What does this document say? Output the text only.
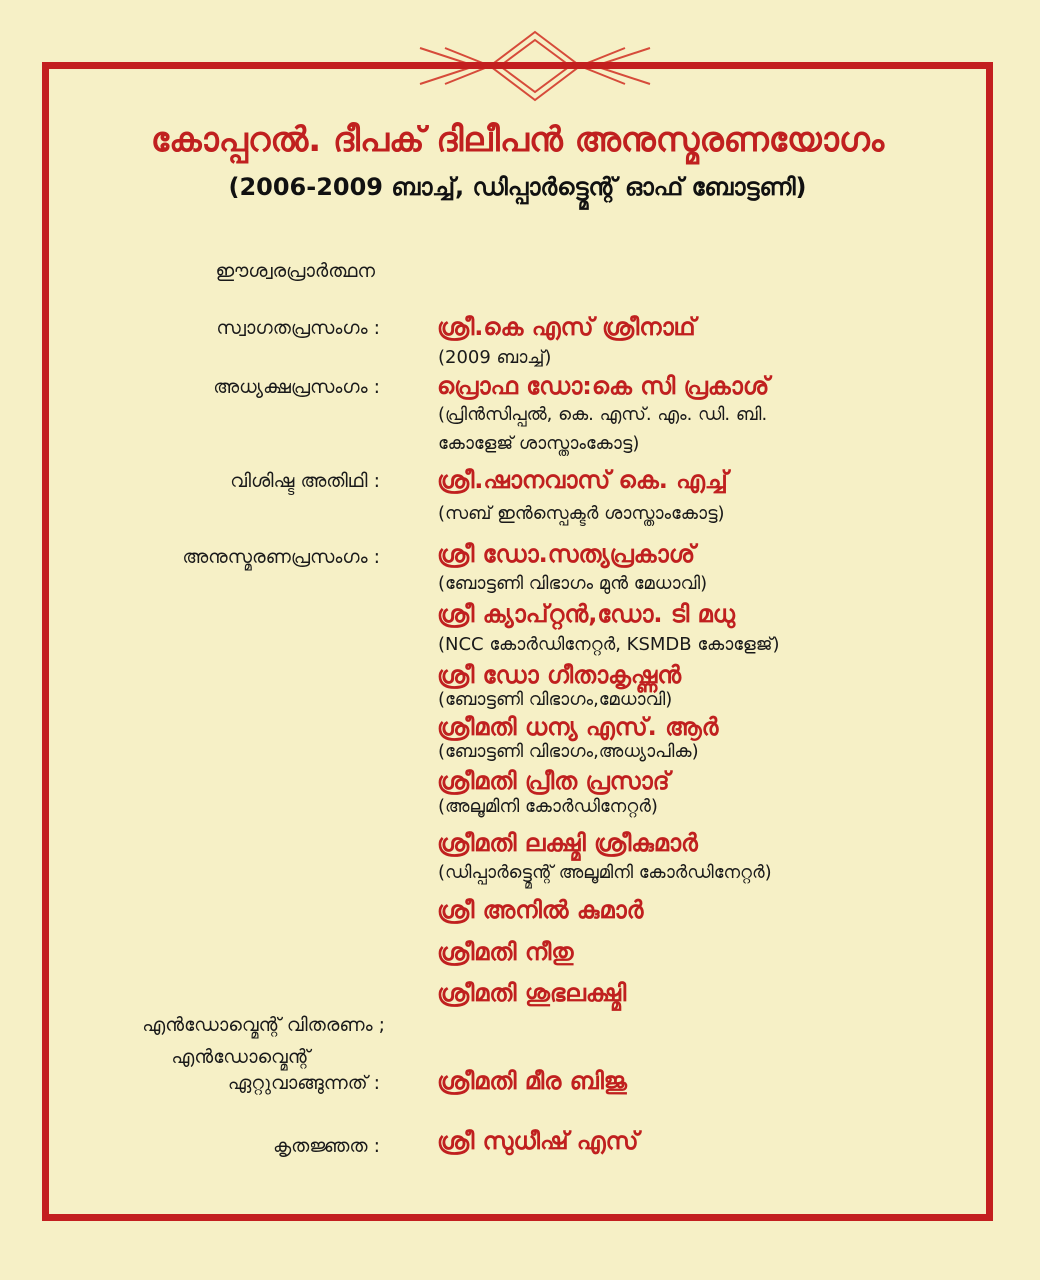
കോപ്പറൽ. ദീപക് ദിലീപൻ അനുസ്മരണയോഗം
(2006-2009 ബാച്ച്, ഡിപ്പാർട്ട്മെന്റ് ഓഫ് ബോട്ടണി)
ഈശ്വരപ്രാർത്ഥന
സ്വാഗതപ്രസംഗം : ശ്രീ.കെ എസ് ശ്രീനാഥ്
(2009 ബാച്ച്)
അധ്യക്ഷപ്രസംഗം : പ്രൊഫ ഡോ:കെ സി പ്രകാശ്
(പ്രിൻസിപ്പൽ, കെ. എസ്. എം. ഡി. ബി.
കോളേജ് ശാസ്താംകോട്ട)
വിശിഷ്ട അതിഥി : ശ്രീ.ഷാനവാസ് കെ. എച്ച്
(സബ് ഇൻസ്പെക്ടർ ശാസ്താംകോട്ട)
അനുസ്മരണപ്രസംഗം : ശ്രീ ഡോ.സത്യപ്രകാശ്
(ബോട്ടണി വിഭാഗം മുൻ മേധാവി)
ശ്രീ ക്യാപ്റ്റൻ,ഡോ. ടി മധു
(NCC കോർഡിനേറ്റർ, KSMDB കോളേജ്)
ശ്രീ ഡോ ഗീതാകൃഷ്ണൻ
(ബോട്ടണി വിഭാഗം,മേധാവി)
ശ്രീമതി ധന്യ എസ്. ആർ
(ബോട്ടണി വിഭാഗം,അധ്യാപിക)
ശ്രീമതി പ്രീത പ്രസാദ്
(അലൂമിനി കോർഡിനേറ്റർ)
ശ്രീമതി ലക്ഷ്മി ശ്രീകുമാർ
(ഡിപ്പാർട്ട്മെന്റ് അലൂമിനി കോർഡിനേറ്റർ)
ശ്രീ അനിൽ കുമാർ
ശ്രീമതി നീതു
ശ്രീമതി ശുഭലക്ഷ്മി
എൻഡോവ്മെന്റ് വിതരണം ;
എൻഡോവ്മെന്റ്
ഏറ്റുവാങ്ങുന്നത് : ശ്രീമതി മീര ബിജു
കൃതജ്ഞത : ശ്രീ സുധീഷ് എസ്
